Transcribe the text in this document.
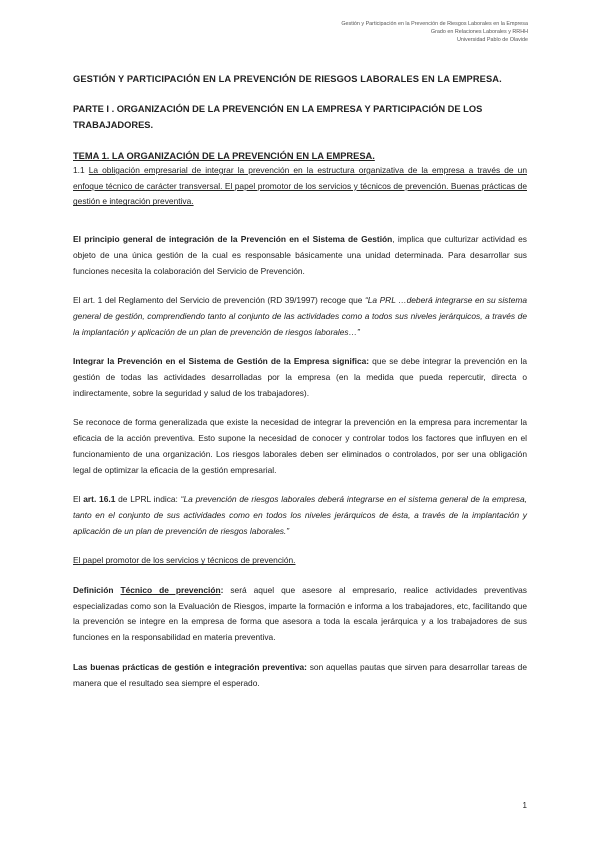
Gestión y Participación en la Prevención de Riesgos Laborales en la Empresa
Grado en Relaciones Laborales y RRHH
Universidad Pablo de Olavide

GESTIÓN Y PARTICIPACIÓN EN LA PREVENCIÓN DE RIESGOS LABORALES EN LA EMPRESA.

PARTE I . ORGANIZACIÓN DE LA PREVENCIÓN EN LA EMPRESA Y PARTICIPACIÓN DE LOS TRABAJADORES.

TEMA 1. LA ORGANIZACIÓN DE LA PREVENCIÓN EN LA EMPRESA.

1.1 La obligación empresarial de integrar la prevención en la estructura organizativa de la empresa a través de un enfoque técnico de carácter transversal. El papel promotor de los servicios y técnicos de prevención. Buenas prácticas de gestión e integración preventiva.

El principio general de integración de la Prevención en el Sistema de Gestión, implica que culturizar actividad es objeto de una única gestión de la cual es responsable básicamente una unidad determinada. Para desarrollar sus funciones necesita la colaboración del Servicio de Prevención.

El art. 1 del Reglamento del Servicio de prevención (RD 39/1997) recoge que “La PRL …deberá integrarse en su sistema general de gestión, comprendiendo tanto al conjunto de las actividades como a todos sus niveles jerárquicos, a través de la implantación y aplicación de un plan de prevención de riesgos laborales…”

Integrar la Prevención en el Sistema de Gestión de la Empresa significa: que se debe integrar la prevención en la gestión de todas las actividades desarrolladas por la empresa (en la medida que pueda repercutir, directa o indirectamente, sobre la seguridad y salud de los trabajadores).

Se reconoce de forma generalizada que existe la necesidad de integrar la prevención en la empresa para incrementar la eficacia de la acción preventiva. Esto supone la necesidad de conocer y controlar todos los factores que influyen en el funcionamiento de una organización. Los riesgos laborales deben ser eliminados o controlados, por ser una obligación legal de optimizar la eficacia de la gestión empresarial.

El art. 16.1 de LPRL indica: “La prevención de riesgos laborales deberá integrarse en el sistema general de la empresa, tanto en el conjunto de sus actividades como en todos los niveles jerárquicos de ésta, a través de la implantación y aplicación de un plan de prevención de riesgos laborales.”

El papel promotor de los servicios y técnicos de prevención.

Definición Técnico de prevención: será aquel que asesore al empresario, realice actividades preventivas especializadas como son la Evaluación de Riesgos, imparte la formación e informa a los trabajadores, etc, facilitando que la prevención se integre en la empresa de forma que asesora a toda la escala jerárquica y a los trabajadores de sus funciones en la responsabilidad en materia preventiva.

Las buenas prácticas de gestión e integración preventiva: son aquellas pautas que sirven para desarrollar tareas de manera que el resultado sea siempre el esperado.

1
